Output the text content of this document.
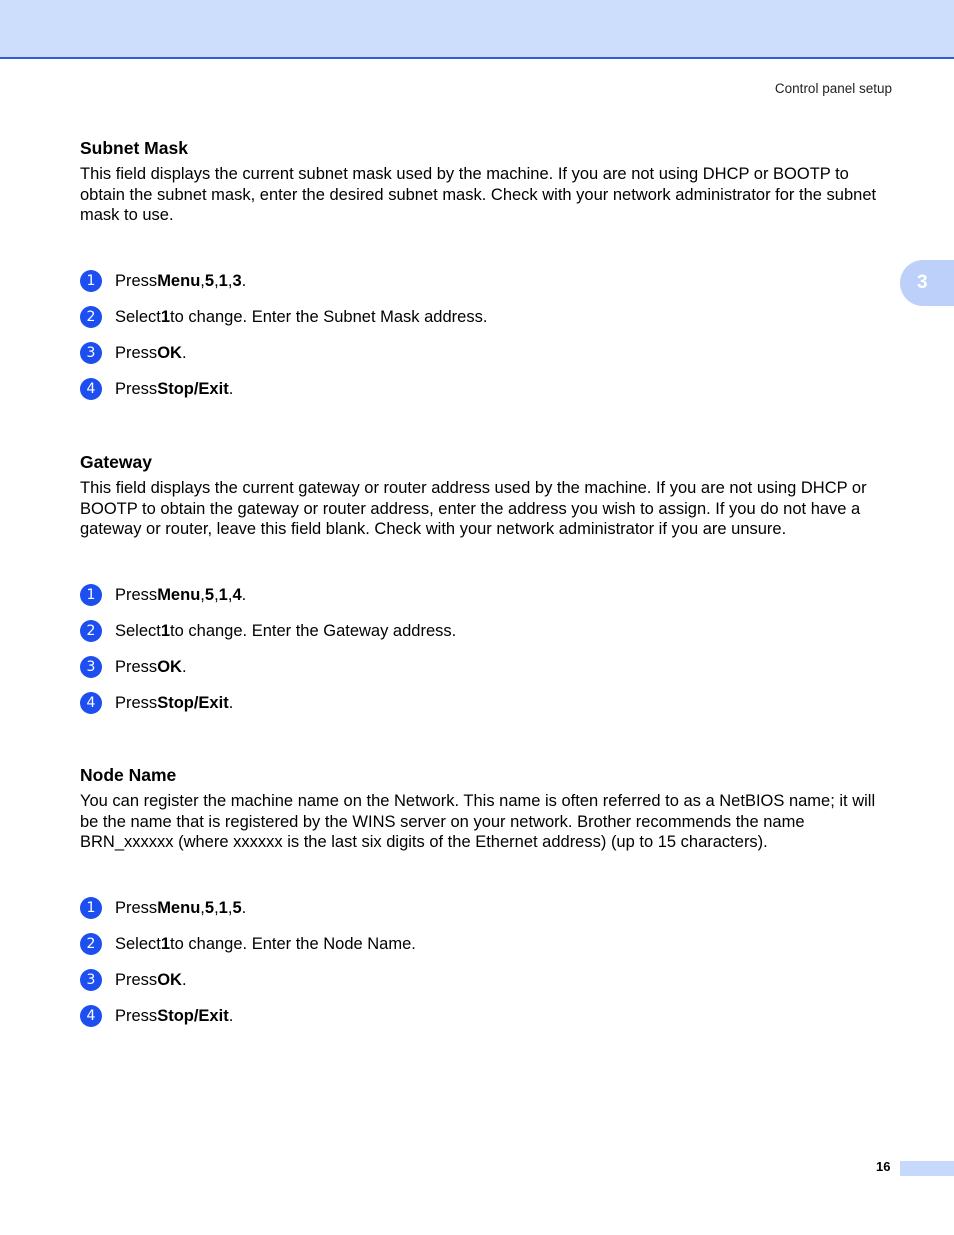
Control panel setup
3
Subnet Mask

This field displays the current subnet mask used by the machine. If you are not using DHCP or BOOTP to obtain the subnet mask, enter the desired subnet mask. Check with your network administrator for the subnet mask to use.

1	Press Menu , 5 , 1 , 3 .
2	Select 1 to change. Enter the Subnet Mask address.
3	Press OK .
4	Press Stop/Exit .
Gateway

This field displays the current gateway or router address used by the machine. If you are not using DHCP or BOOTP to obtain the gateway or router address, enter the address you wish to assign. If you do not have a gateway or router, leave this field blank. Check with your network administrator if you are unsure.

1	Press Menu , 5 , 1 , 4 .
2	Select 1 to change. Enter the Gateway address.
3	Press OK .
4	Press Stop/Exit .
Node Name

You can register the machine name on the Network. This name is often referred to as a NetBIOS name; it will be the name that is registered by the WINS server on your network. Brother recommends the name BRN_xxxxxx (where xxxxxx is the last six digits of the Ethernet address) (up to 15 characters).

1	Press Menu , 5 , 1 , 5 .
2	Select 1 to change. Enter the Node Name.
3	Press OK .
4	Press Stop/Exit .
16
